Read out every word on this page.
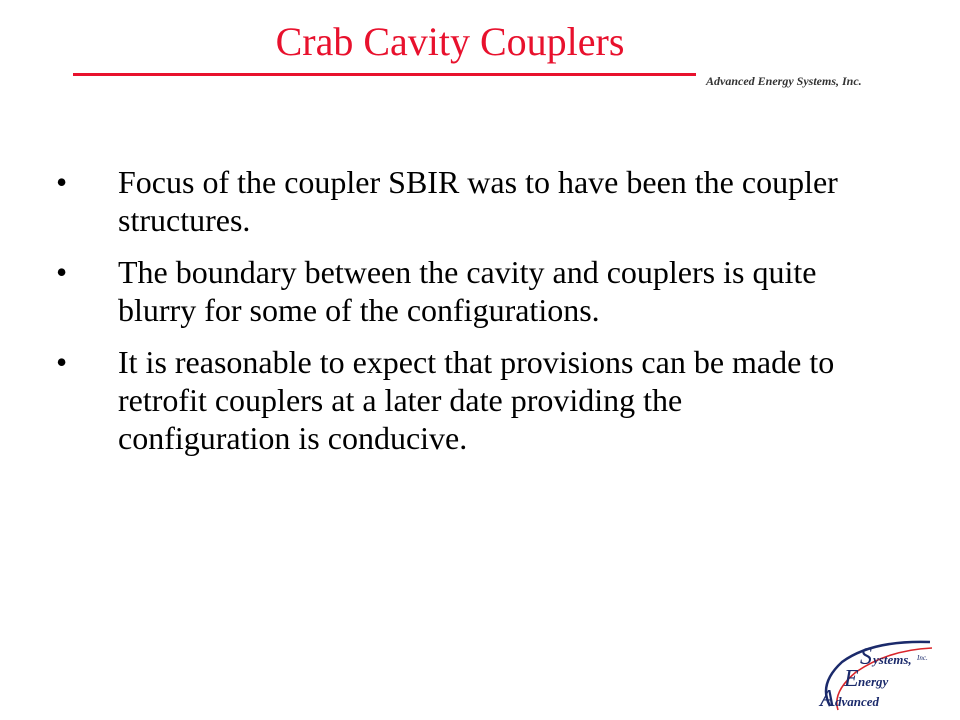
Crab Cavity Couplers
Advanced Energy Systems, Inc.
• Focus of the coupler SBIR was to have been the coupler structures.
• The boundary between the cavity and couplers is quite blurry for some of the configurations.
• It is reasonable to expect that provisions can be made to retrofit couplers at a later date providing the configuration is conducive.
S ystems, Inc.
E nergy
A dvanced
